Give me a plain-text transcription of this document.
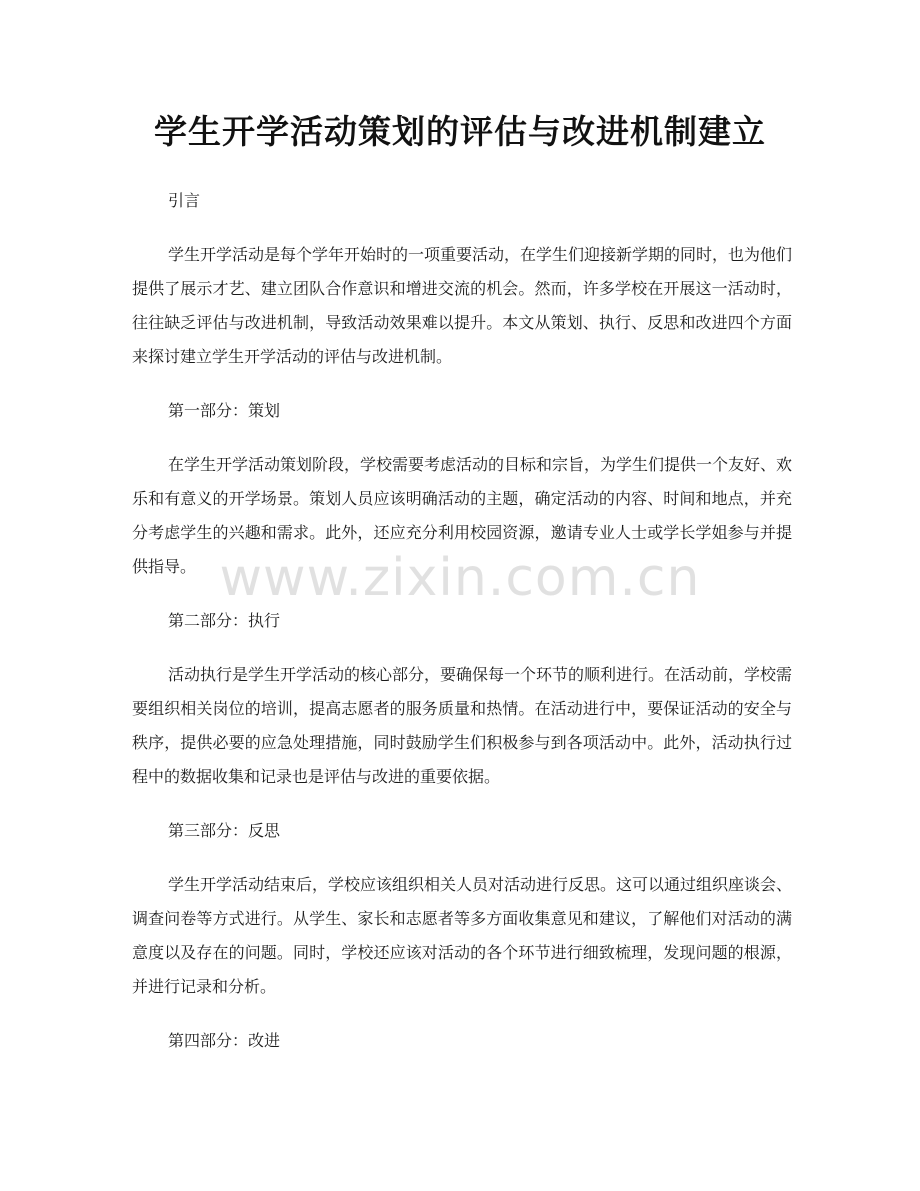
学生开学活动策划的评估与改进机制建立

引言

学生开学活动是每个学年开始时的一项重要活动，在学生们迎接新学期的同时，也为他们提供了展示才艺、建立团队合作意识和增进交流的机会。然而，许多学校在开展这一活动时，往往缺乏评估与改进机制，导致活动效果难以提升。本文从策划、执行、反思和改进四个方面来探讨建立学生开学活动的评估与改进机制。

第一部分：策划

在学生开学活动策划阶段，学校需要考虑活动的目标和宗旨，为学生们提供一个友好、欢乐和有意义的开学场景。策划人员应该明确活动的主题，确定活动的内容、时间和地点，并充分考虑学生的兴趣和需求。此外，还应充分利用校园资源，邀请专业人士或学长学姐参与并提供指导。

第二部分：执行

活动执行是学生开学活动的核心部分，要确保每一个环节的顺利进行。在活动前，学校需要组织相关岗位的培训，提高志愿者的服务质量和热情。在活动进行中，要保证活动的安全与秩序，提供必要的应急处理措施，同时鼓励学生们积极参与到各项活动中。此外，活动执行过程中的数据收集和记录也是评估与改进的重要依据。

第三部分：反思

学生开学活动结束后，学校应该组织相关人员对活动进行反思。这可以通过组织座谈会、调查问卷等方式进行。从学生、家长和志愿者等多方面收集意见和建议，了解他们对活动的满意度以及存在的问题。同时，学校还应该对活动的各个环节进行细致梳理，发现问题的根源，并进行记录和分析。

第四部分：改进

www.zixin.com.cn
